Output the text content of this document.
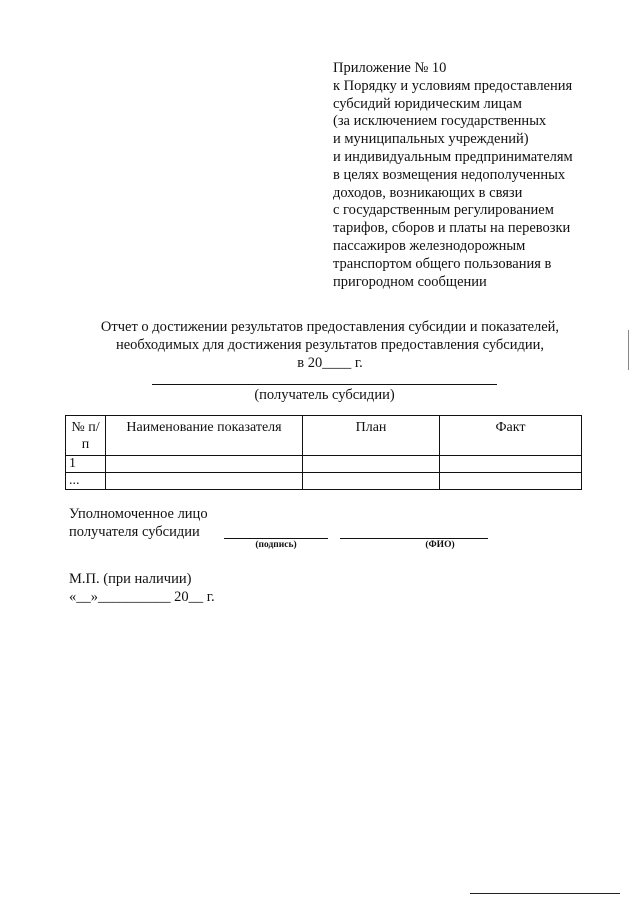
Приложение № 10
к Порядку и условиям предоставления
субсидий юридическим лицам
(за исключением государственных
и муниципальных учреждений)
и индивидуальным предпринимателям
в целях возмещения недополученных
доходов, возникающих в связи
с государственным регулированием
тарифов, сборов и платы на перевозки
пассажиров железнодорожным
транспортом общего пользования в
пригородном сообщении
Отчет о достижении результатов предоставления субсидии и показателей,
необходимых для достижения результатов предоставления субсидии,
в 20____ г.
(получатель субсидии)
№ п/п	Наименование показателя	План	Факт
1			
...			
Уполномоченное лицо
получателя субсидии
(подпись)	(ФИО)
М.П. (при наличии)
«__»__________ 20__ г.
